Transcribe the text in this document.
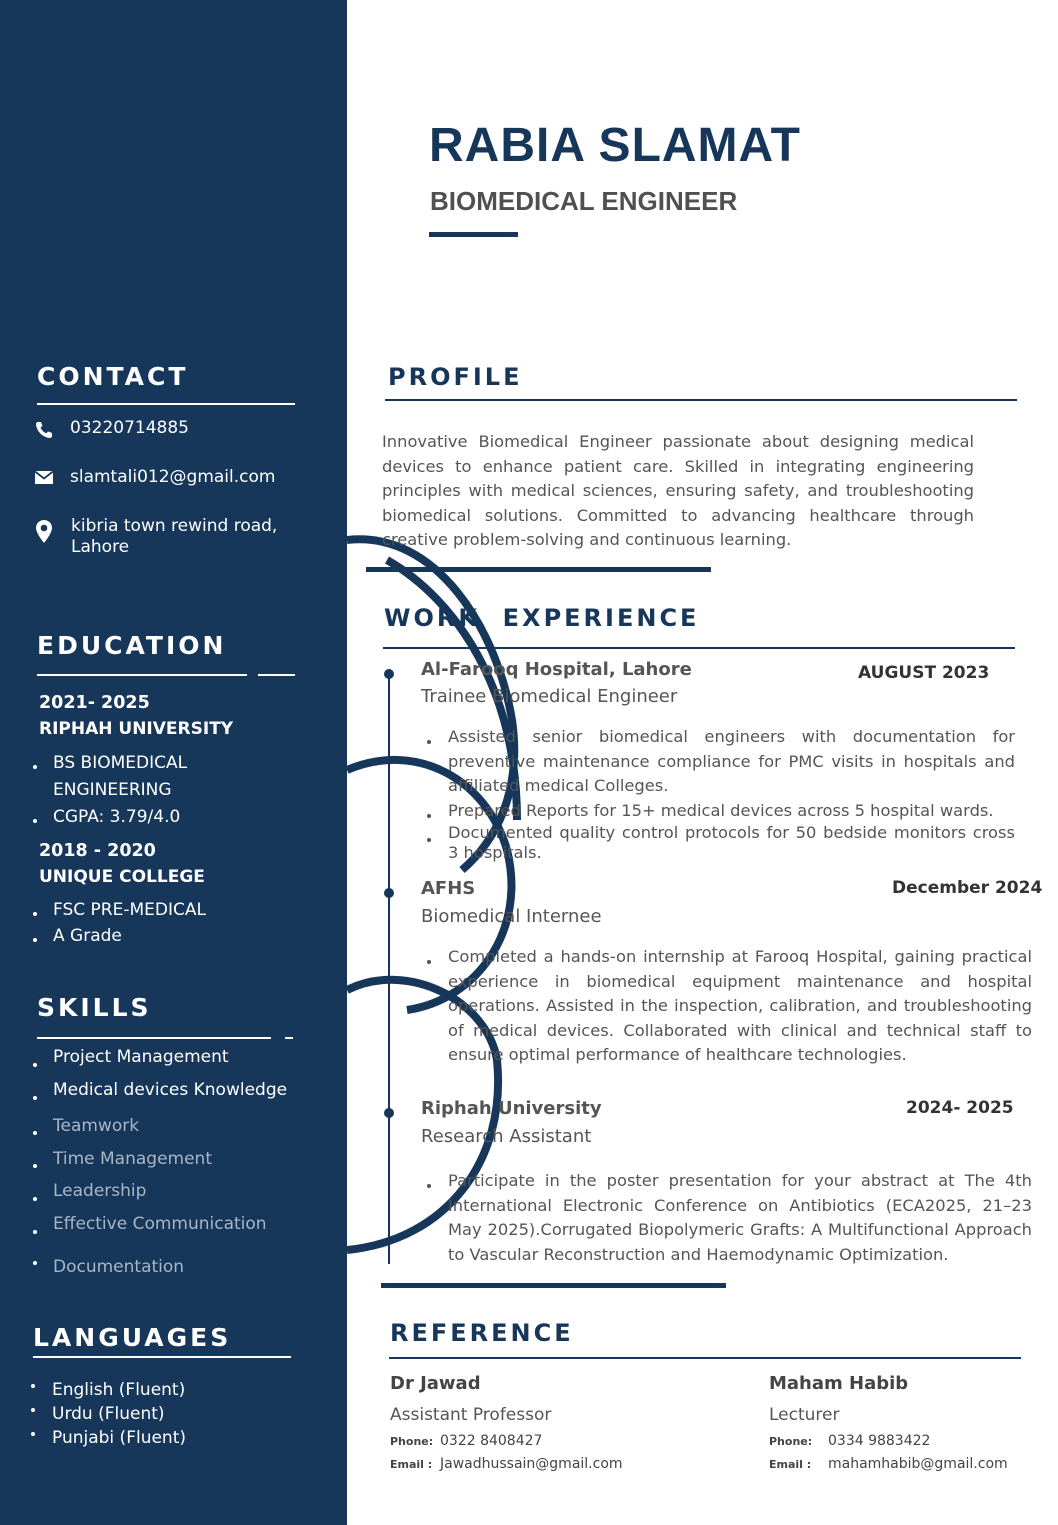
CONTACT
03220714885
slamtali012@gmail.com
kibria town rewind road,
Lahore
EDUCATION
2021- 2025
RIPHAH UNIVERSITY
BS BIOMEDICAL
ENGINEERING
CGPA: 3.79/4.0
2018 - 2020
UNIQUE COLLEGE
FSC PRE-MEDICAL
A Grade
SKILLS
Project Management
Medical devices Knowledge
Teamwork
Time Management
Leadership
Effective Communication
Documentation
LANGUAGES
English (Fluent)
Urdu (Fluent)
Punjabi (Fluent)
RABIA SLAMAT
BIOMEDICAL ENGINEER
PROFILE
Innovative Biomedical Engineer passionate about designing medical devices to enhance patient care. Skilled in integrating engineering principles with medical sciences, ensuring safety, and troubleshooting biomedical solutions. Committed to advancing healthcare through creative problem-solving and continuous learning.
WORK  EXPERIENCE
Al-Farooq Hospital, Lahore	AUGUST 2023
Trainee Biomedical Engineer
Assisted senior biomedical engineers with documentation for preventive maintenance compliance for PMC visits in hospitals and affiliated medical Colleges.
Prepared Reports for 15+ medical devices across 5 hospital wards.
Documented quality control protocols for 50 bedside monitors cross 3 hospitals.
AFHS	December 2024
Biomedical Internee
Completed a hands-on internship at Farooq Hospital, gaining practical experience in biomedical equipment maintenance and hospital operations. Assisted in the inspection, calibration, and troubleshooting of medical devices. Collaborated with clinical and technical staff to ensure optimal performance of healthcare technologies.
Riphah University	2024- 2025
Research Assistant
Participate in the poster presentation for your abstract at The 4th International Electronic Conference on Antibiotics (ECA2025, 21–23 May 2025).Corrugated Biopolymeric Grafts: A Multifunctional Approach to Vascular Reconstruction and Haemodynamic Optimization.
REFERENCE
Dr Jawad
Assistant Professor
Phone: 0322 8408427
Email : Jawadhussain@gmail.com
Maham Habib
Lecturer
Phone: 0334 9883422
Email : mahamhabib@gmail.com
